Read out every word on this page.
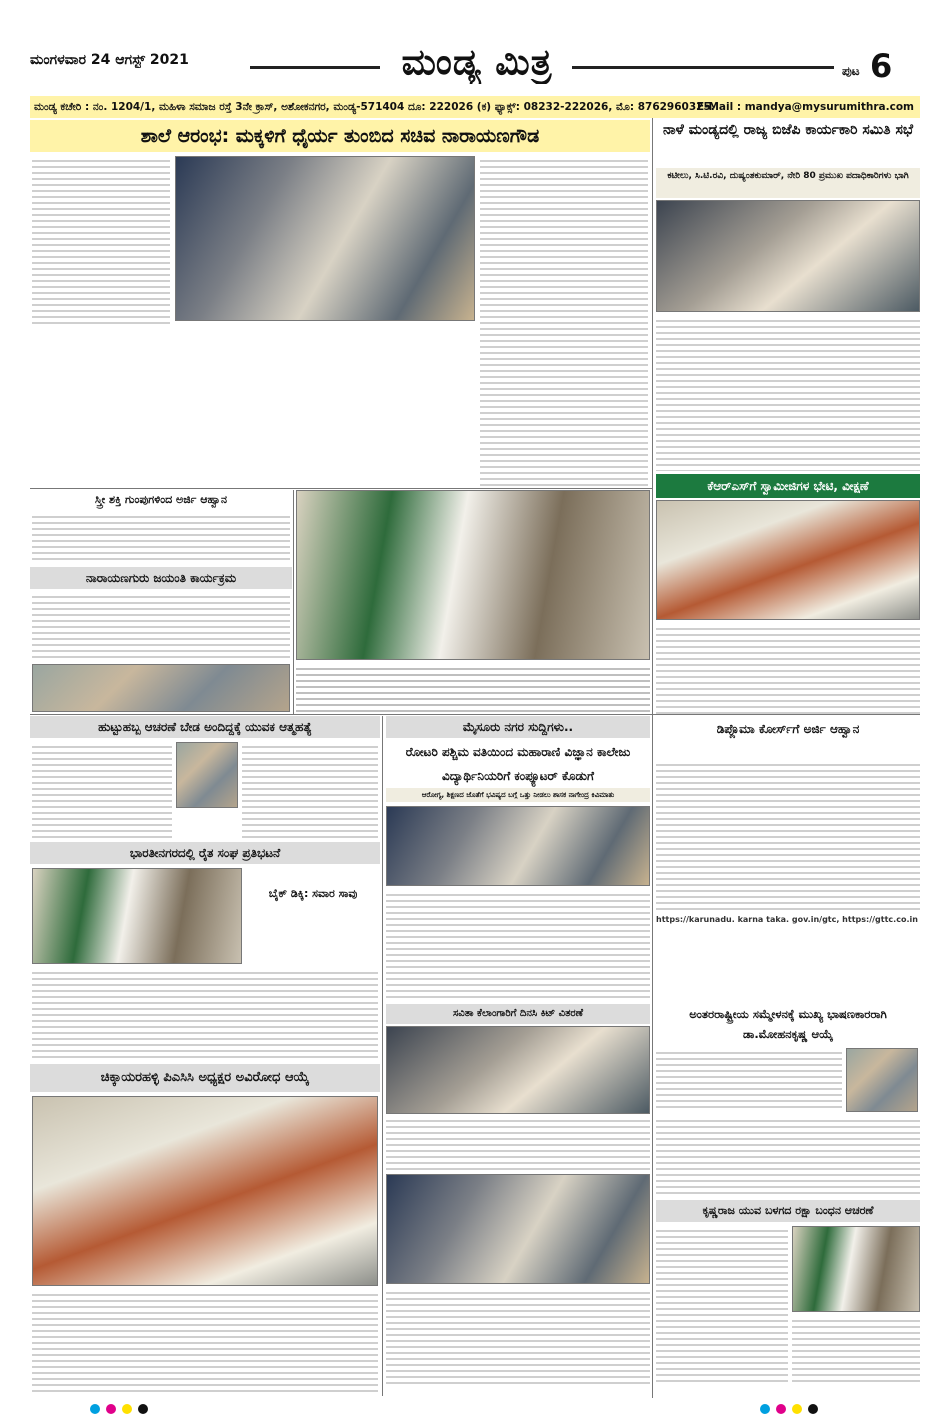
ಮಂಗಳವಾರ 24 ಆಗಸ್ಟ್ 2021	ಮಂಡ್ಯ ಮಿತ್ರ	ಪುಟ 6
ಮಂಡ್ಯ ಕಚೇರಿ : ನಂ. 1204/1, ಮಹಿಳಾ ಸಮಾಜ ರಸ್ತೆ 3ನೇ ಕ್ರಾಸ್, ಅಶೋಕನಗರ, ಮಂಡ್ಯ-571404 ದೂ: 222026 (ಕ) ಫ್ಯಾಕ್ಸ್: 08232-222026, ಮೊ: 8762960325.
E-Mail : mandya@mysurumithra.com
ಶಾಲೆ ಆರಂಭ: ಮಕ್ಕಳಿಗೆ ಧೈರ್ಯ ತುಂಬಿದ ಸಚಿವ ನಾರಾಯಣಗೌಡ	ನಾಳೆ ಮಂಡ್ಯದಲ್ಲಿ ರಾಜ್ಯ ಬಿಜೆಪಿ ಕಾರ್ಯಕಾರಿ ಸಮಿತಿ ಸಭೆ
ಕಟೀಲು, ಸಿ.ಟಿ.ರವಿ, ದುಷ್ಯಂತಕುಮಾರ್, ನೇರಿ 80 ಪ್ರಮುಖ ಪದಾಧಿಕಾರಿಗಳು ಭಾಗಿ
ಕೆಆರ್‌ಎಸ್‌ಗೆ ಸ್ವಾಮೀಜಿಗಳ ಭೇಟಿ, ವೀಕ್ಷಣೆ
ಸ್ತ್ರೀ ಶಕ್ತಿ ಗುಂಪುಗಳಿಂದ ಅರ್ಜಿ ಆಹ್ವಾನ
ನಾರಾಯಣಗುರು ಜಯಂತಿ ಕಾರ್ಯಕ್ರಮ
ಹುಟ್ಟುಹಬ್ಬ ಆಚರಣೆ ಬೇಡ ಅಂದಿದ್ದಕ್ಕೆ ಯುವಕ ಆತ್ಮಹತ್ಯೆ	ಮೈಸೂರು ನಗರ ಸುದ್ದಿಗಳು..
ರೋಟರಿ ಪಶ್ಚಿಮ ವತಿಯಿಂದ ಮಹಾರಾಣಿ ವಿಜ್ಞಾನ ಕಾಲೇಜು ವಿದ್ಯಾರ್ಥಿನಿಯರಿಗೆ ಕಂಪ್ಯೂಟರ್ ಕೊಡುಗೆ
ಆರೋಗ್ಯ, ಶಿಕ್ಷಣದ ಜೊತೆಗೆ ಭವಿಷ್ಯದ ಬಗ್ಗೆ ಒತ್ತು ನೀಡಲು ಶಾಸಕ ನಾಗೇಂದ್ರ ಕಿವಿಮಾತು
ಡಿಪ್ಲೊಮಾ ಕೋರ್ಸ್‌ಗೆ ಅರ್ಜಿ ಆಹ್ವಾನ
https://karunadu. karna taka. gov.in/gtc, https://gttc.co.in
ಭಾರತೀನಗರದಲ್ಲಿ ರೈತ ಸಂಘ ಪ್ರತಿಭಟನೆ
ಬೈಕ್ ಡಿಕ್ಕಿ: ಸವಾರ ಸಾವು
ಚಿಕ್ಕಾಯರಹಳ್ಳಿ ಪಿಎಸಿಸಿ ಅಧ್ಯಕ್ಷರ ಅವಿರೋಧ ಆಯ್ಕೆ
ಸವಿತಾ ಕೆಲಾಂಗಾರಿಗೆ ದಿನಸಿ ಕಿಟ್ ವಿತರಣೆ	ಅಂತರರಾಷ್ಟ್ರೀಯ ಸಮ್ಮೇಳನಕ್ಕೆ ಮುಖ್ಯ ಭಾಷಣಕಾರರಾಗಿ ಡಾ.ಮೋಹನಕೃಷ್ಣ ಆಯ್ಕೆ
ಕೃಷ್ಣರಾಜ ಯುವ ಬಳಗದ ರಕ್ಷಾ ಬಂಧನ ಆಚರಣೆ
